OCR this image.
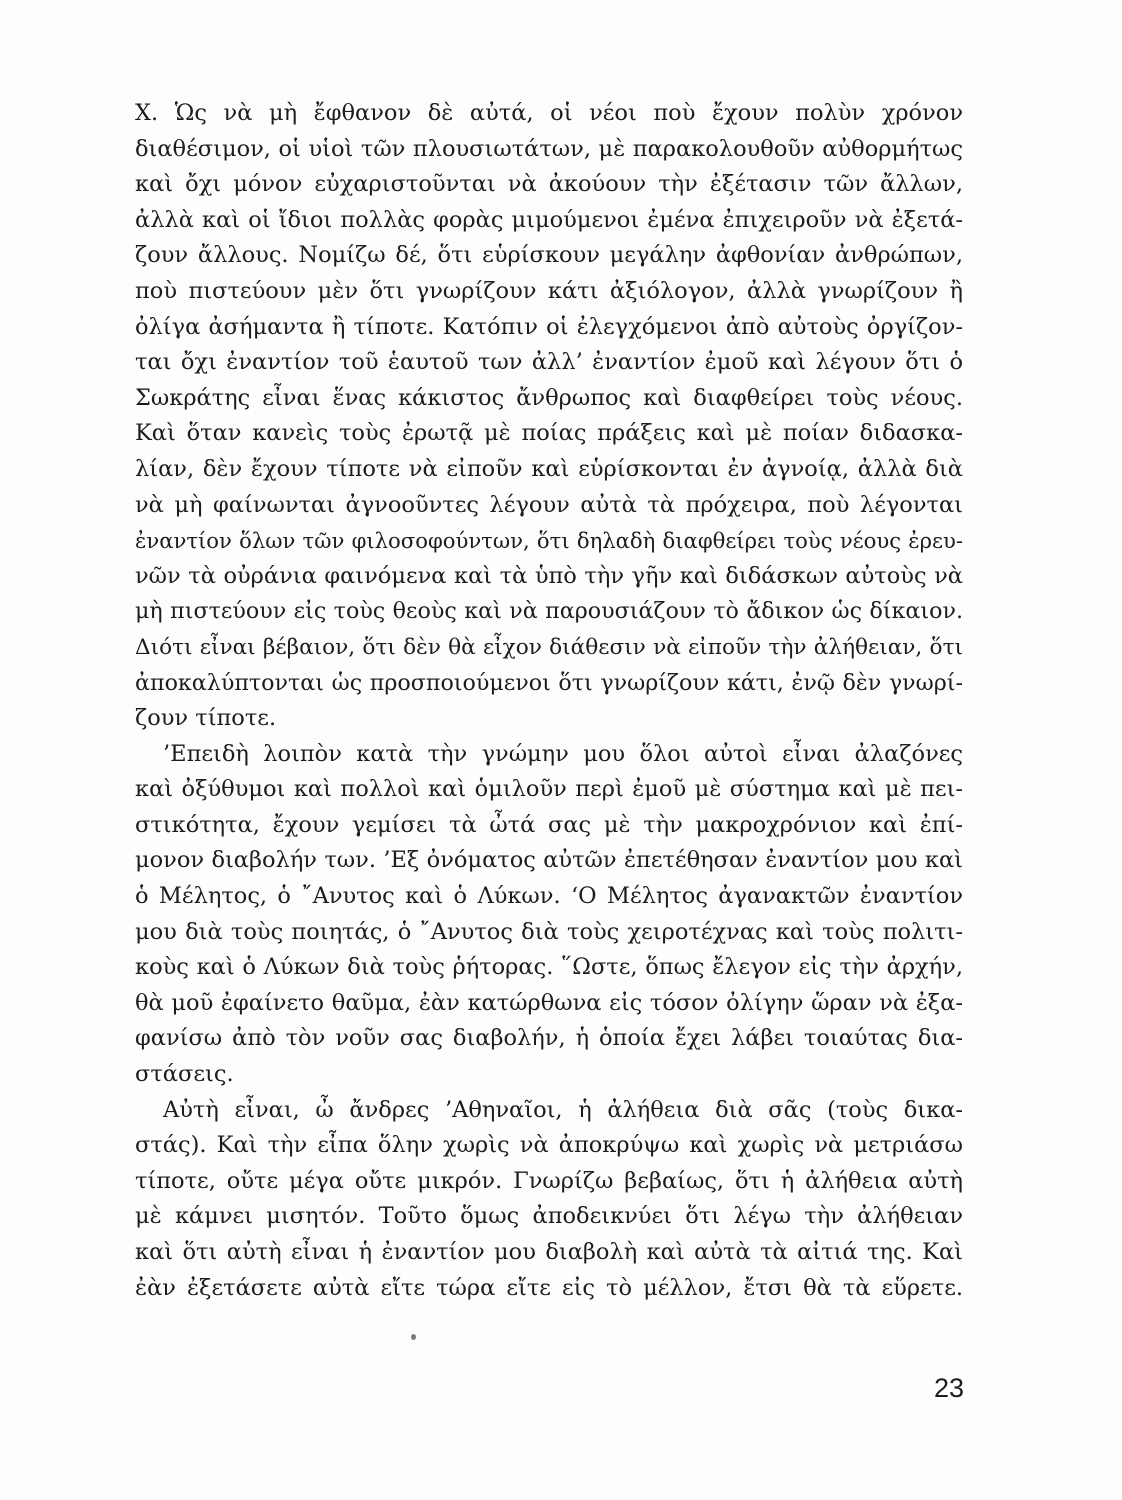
Χ. Ὡς νὰ μὴ ἔφθανον δὲ αὐτά, οἱ νέοι ποὺ ἔχουν πολὺν χρόνον
διαθέσιμον, οἱ υἱοὶ τῶν πλουσιωτάτων, μὲ παρακολουθοῦν αὐθορμήτως
καὶ ὄχι μόνον εὐχαριστοῦνται νὰ ἀκούουν τὴν ἐξέτασιν τῶν ἄλλων,
ἀλλὰ καὶ οἱ ἴδιοι πολλὰς φορὰς μιμούμενοι ἐμένα ἐπιχειροῦν νὰ ἐξετά-
ζουν ἄλλους. Νομίζω δέ, ὅτι εὑρίσκουν μεγάλην ἀφθονίαν ἀνθρώπων,
ποὺ πιστεύουν μὲν ὅτι γνωρίζουν κάτι ἀξιόλογον, ἀλλὰ γνωρίζουν ἢ
ὀλίγα ἀσήμαντα ἢ τίποτε. Κατόπιν οἱ ἐλεγχόμενοι ἀπὸ αὐτοὺς ὀργίζον-
ται ὄχι ἐναντίον τοῦ ἑαυτοῦ των ἀλλ’ ἐναντίον ἐμοῦ καὶ λέγουν ὅτι ὁ
Σωκράτης εἶναι ἕνας κάκιστος ἄνθρωπος καὶ διαφθείρει τοὺς νέους.
Καὶ ὅταν κανεὶς τοὺς ἐρωτᾷ μὲ ποίας πράξεις καὶ μὲ ποίαν διδασκα-
λίαν, δὲν ἔχουν τίποτε νὰ εἰποῦν καὶ εὑρίσκονται ἐν ἀγνοίᾳ, ἀλλὰ διὰ
νὰ μὴ φαίνωνται ἀγνοοῦντες λέγουν αὐτὰ τὰ πρόχειρα, ποὺ λέγονται
ἐναντίον ὅλων τῶν φιλοσοφούντων, ὅτι δηλαδὴ διαφθείρει τοὺς νέους ἐρευ-
νῶν τὰ οὐράνια φαινόμενα καὶ τὰ ὑπὸ τὴν γῆν καὶ διδάσκων αὐτοὺς νὰ
μὴ πιστεύουν εἰς τοὺς θεοὺς καὶ νὰ παρουσιάζουν τὸ ἄδικον ὡς δίκαιον.
Διότι εἶναι βέβαιον, ὅτι δὲν θὰ εἶχον διάθεσιν νὰ εἰποῦν τὴν ἀλήθειαν, ὅτι
ἀποκαλύπτονται ὡς προσποιούμενοι ὅτι γνωρίζουν κάτι, ἐνῷ δὲν γνωρί-
ζουν τίποτε.
’Επειδὴ λοιπὸν κατὰ τὴν γνώμην μου ὅλοι αὐτοὶ εἶναι ἀλαζόνες
καὶ ὀξύθυμοι καὶ πολλοὶ καὶ ὁμιλοῦν περὶ ἐμοῦ μὲ σύστημα καὶ μὲ πει-
στικότητα, ἔχουν γεμίσει τὰ ὦτά σας μὲ τὴν μακροχρόνιον καὶ ἐπί-
μονον διαβολήν των. ’Εξ ὀνόματος αὐτῶν ἐπετέθησαν ἐναντίον μου καὶ
ὁ Μέλητος, ὁ ῎Ανυτος καὶ ὁ Λύκων. ‘Ο Μέλητος ἀγανακτῶν ἐναντίον
μου διὰ τοὺς ποιητάς, ὁ ῎Ανυτος διὰ τοὺς χειροτέχνας καὶ τοὺς πολιτι-
κοὺς καὶ ὁ Λύκων διὰ τοὺς ῥήτορας. ῞Ωστε, ὅπως ἔλεγον εἰς τὴν ἀρχήν,
θὰ μοῦ ἐφαίνετο θαῦμα, ἐὰν κατώρθωνα εἰς τόσον ὀλίγην ὥραν νὰ ἐξα-
φανίσω ἀπὸ τὸν νοῦν σας διαβολήν, ἡ ὁποία ἔχει λάβει τοιαύτας δια-
στάσεις.
Αὐτὴ εἶναι, ὦ ἄνδρες ’Αθηναῖοι, ἡ ἀλήθεια διὰ σᾶς (τοὺς δικα-
στάς). Καὶ τὴν εἶπα ὅλην χωρὶς νὰ ἀποκρύψω καὶ χωρὶς νὰ μετριάσω
τίποτε, οὔτε μέγα οὔτε μικρόν. Γνωρίζω βεβαίως, ὅτι ἡ ἀλήθεια αὐτὴ
μὲ κάμνει μισητόν. Τοῦτο ὅμως ἀποδεικνύει ὅτι λέγω τὴν ἀλήθειαν
καὶ ὅτι αὐτὴ εἶναι ἡ ἐναντίον μου διαβολὴ καὶ αὐτὰ τὰ αἰτιά της. Καὶ
ἐὰν ἐξετάσετε αὐτὰ εἴτε τώρα εἴτε εἰς τὸ μέλλον, ἔτσι θὰ τὰ εὕρετε.
23
